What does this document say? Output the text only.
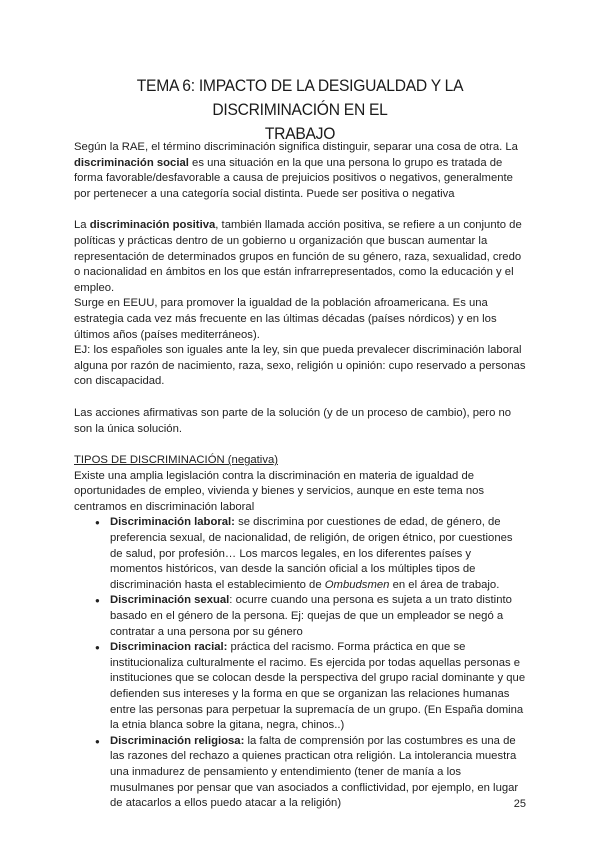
TEMA 6: IMPACTO DE LA DESIGUALDAD Y LA DISCRIMINACIÓN EN EL
TRABAJO

Según la RAE, el término discriminación significa distinguir, separar una cosa de otra. La discriminación social es una situación en la que una persona lo grupo es tratada de forma favorable/desfavorable a causa de prejuicios positivos o negativos, generalmente por pertenecer a una categoría social distinta. Puede ser positiva o negativa

La discriminación positiva, también llamada acción positiva, se refiere a un conjunto de políticas y prácticas dentro de un gobierno u organización que buscan aumentar la representación de determinados grupos en función de su género, raza, sexualidad, credo o nacionalidad en ámbitos en los que están infrarrepresentados, como la educación y el empleo.

Surge en EEUU, para promover la igualdad de la población afroamericana. Es una estrategia cada vez más frecuente en las últimas décadas (países nórdicos) y en los últimos años (países mediterráneos).

EJ: los españoles son iguales ante la ley, sin que pueda prevalecer discriminación laboral alguna por razón de nacimiento, raza, sexo, religión u opinión: cupo reservado a personas con discapacidad.

Las acciones afirmativas son parte de la solución (y de un proceso de cambio), pero no son la única solución.

TIPOS DE DISCRIMINACIÓN (negativa)

Existe una amplia legislación contra la discriminación en materia de igualdad de oportunidades de empleo, vivienda y bienes y servicios, aunque en este tema nos centramos en discriminación laboral

● Discriminación laboral: se discrimina por cuestiones de edad, de género, de preferencia sexual, de nacionalidad, de religión, de origen étnico, por cuestiones de salud, por profesión… Los marcos legales, en los diferentes países y momentos históricos, van desde la sanción oficial a los múltiples tipos de discriminación hasta el establecimiento de Ombudsmen en el área de trabajo.
● Discriminación sexual: ocurre cuando una persona es sujeta a un trato distinto basado en el género de la persona. Ej: quejas de que un empleador se negó a contratar a una persona por su género
● Discriminacion racial: práctica del racismo. Forma práctica en que se institucionaliza culturalmente el racimo. Es ejercida por todas aquellas personas e instituciones que se colocan desde la perspectiva del grupo racial dominante y que defienden sus intereses y la forma en que se organizan las relaciones humanas entre las personas para perpetuar la supremacía de un grupo. (En España domina la etnia blanca sobre la gitana, negra, chinos..)
● Discriminación religiosa: la falta de comprensión por las costumbres es una de las razones del rechazo a quienes practican otra religión. La intolerancia muestra una inmadurez de pensamiento y entendimiento (tener de manía a los musulmanes por pensar que van asociados a conflictividad, por ejemplo, en lugar de atacarlos a ellos puedo atacar a la religión)	25
